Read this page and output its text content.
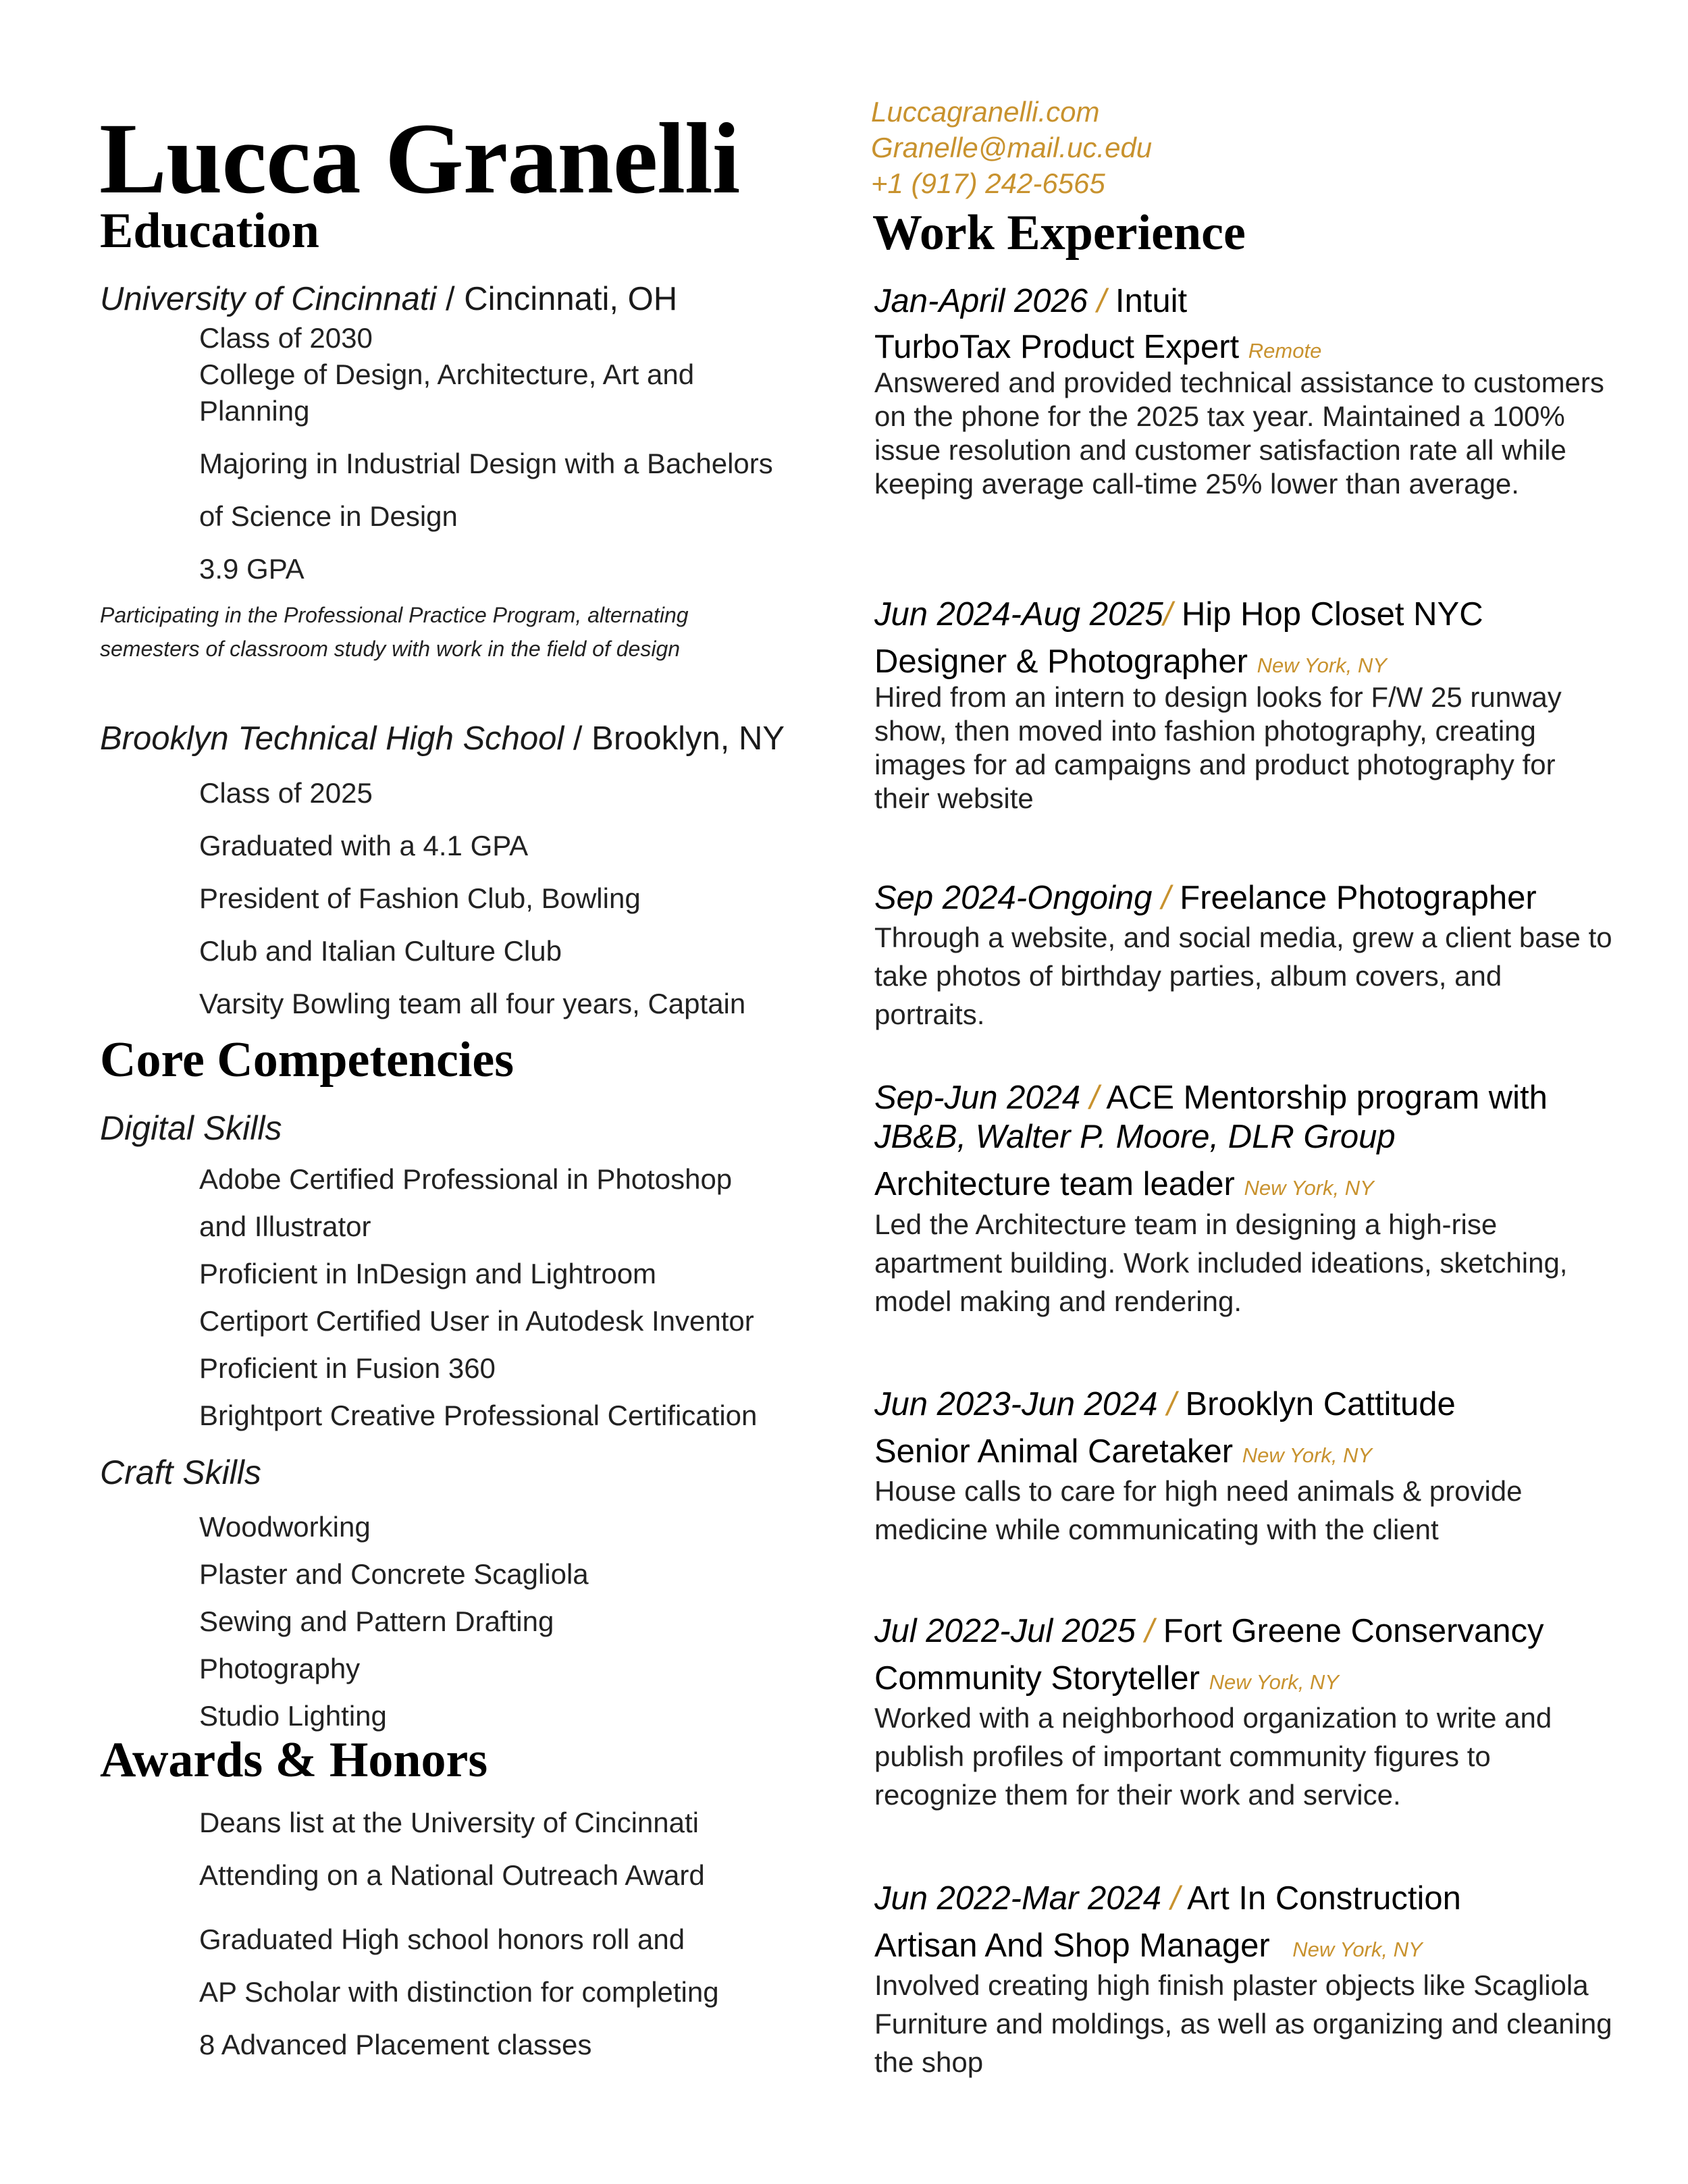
Lucca Granelli
Education
University of Cincinnati / Cincinnati, OH
Class of 2030
College of Design, Architecture, Art and
Planning
Majoring in Industrial Design with a Bachelors
of Science in Design
3.9 GPA
Participating in the Professional Practice Program, alternating
semesters of classroom study with work in the field of design
Brooklyn Technical High School / Brooklyn, NY
Class of 2025
Graduated with a 4.1 GPA
President of Fashion Club, Bowling
Club and Italian Culture Club
Varsity Bowling team all four years, Captain
Core Competencies
Digital Skills
Adobe Certified Professional in Photoshop
and Illustrator
Proficient in InDesign and Lightroom
Certiport Certified User in Autodesk Inventor
Proficient in Fusion 360
Brightport Creative Professional Certification
Craft Skills
Woodworking
Plaster and Concrete Scagliola
Sewing and Pattern Drafting
Photography
Studio Lighting
Awards & Honors
Deans list at the University of Cincinnati
Attending on a National Outreach Award
Graduated High school honors roll and
AP Scholar with distinction for completing
8 Advanced Placement classes
Luccagranelli.com
Granelle@mail.uc.edu
+1 (917) 242-6565
Work Experience
Jan-April 2026 / Intuit
TurboTax Product Expert Remote
Answered and provided technical assistance to customers on the phone for the 2025 tax year. Maintained a 100% issue resolution and customer satisfaction rate all while keeping average call-time 25% lower than average.
Jun 2024-Aug 2025/ Hip Hop Closet NYC
Designer & Photographer New York, NY
Hired from an intern to design looks for F/W 25 runway show, then moved into fashion photography, creating images for ad campaigns and product photography for their website
Sep 2024-Ongoing / Freelance Photographer
Through a website, and social media, grew a client base to take photos of birthday parties, album covers, and portraits.
Sep-Jun 2024 / ACE Mentorship program with
JB&B, Walter P. Moore, DLR Group
Architecture team leader New York, NY
Led the Architecture team in designing a high-rise apartment building. Work included ideations, sketching, model making and rendering.
Jun 2023-Jun 2024 / Brooklyn Cattitude
Senior Animal Caretaker New York, NY
House calls to care for high need animals & provide medicine while communicating with the client
Jul 2022-Jul 2025 / Fort Greene Conservancy
Community Storyteller New York, NY
Worked with a neighborhood organization to write and publish profiles of important community figures to recognize them for their work and service.
Jun 2022-Mar 2024 / Art In Construction
Artisan And Shop Manager New York, NY
Involved creating high finish plaster objects like Scagliola Furniture and moldings, as well as organizing and cleaning the shop
